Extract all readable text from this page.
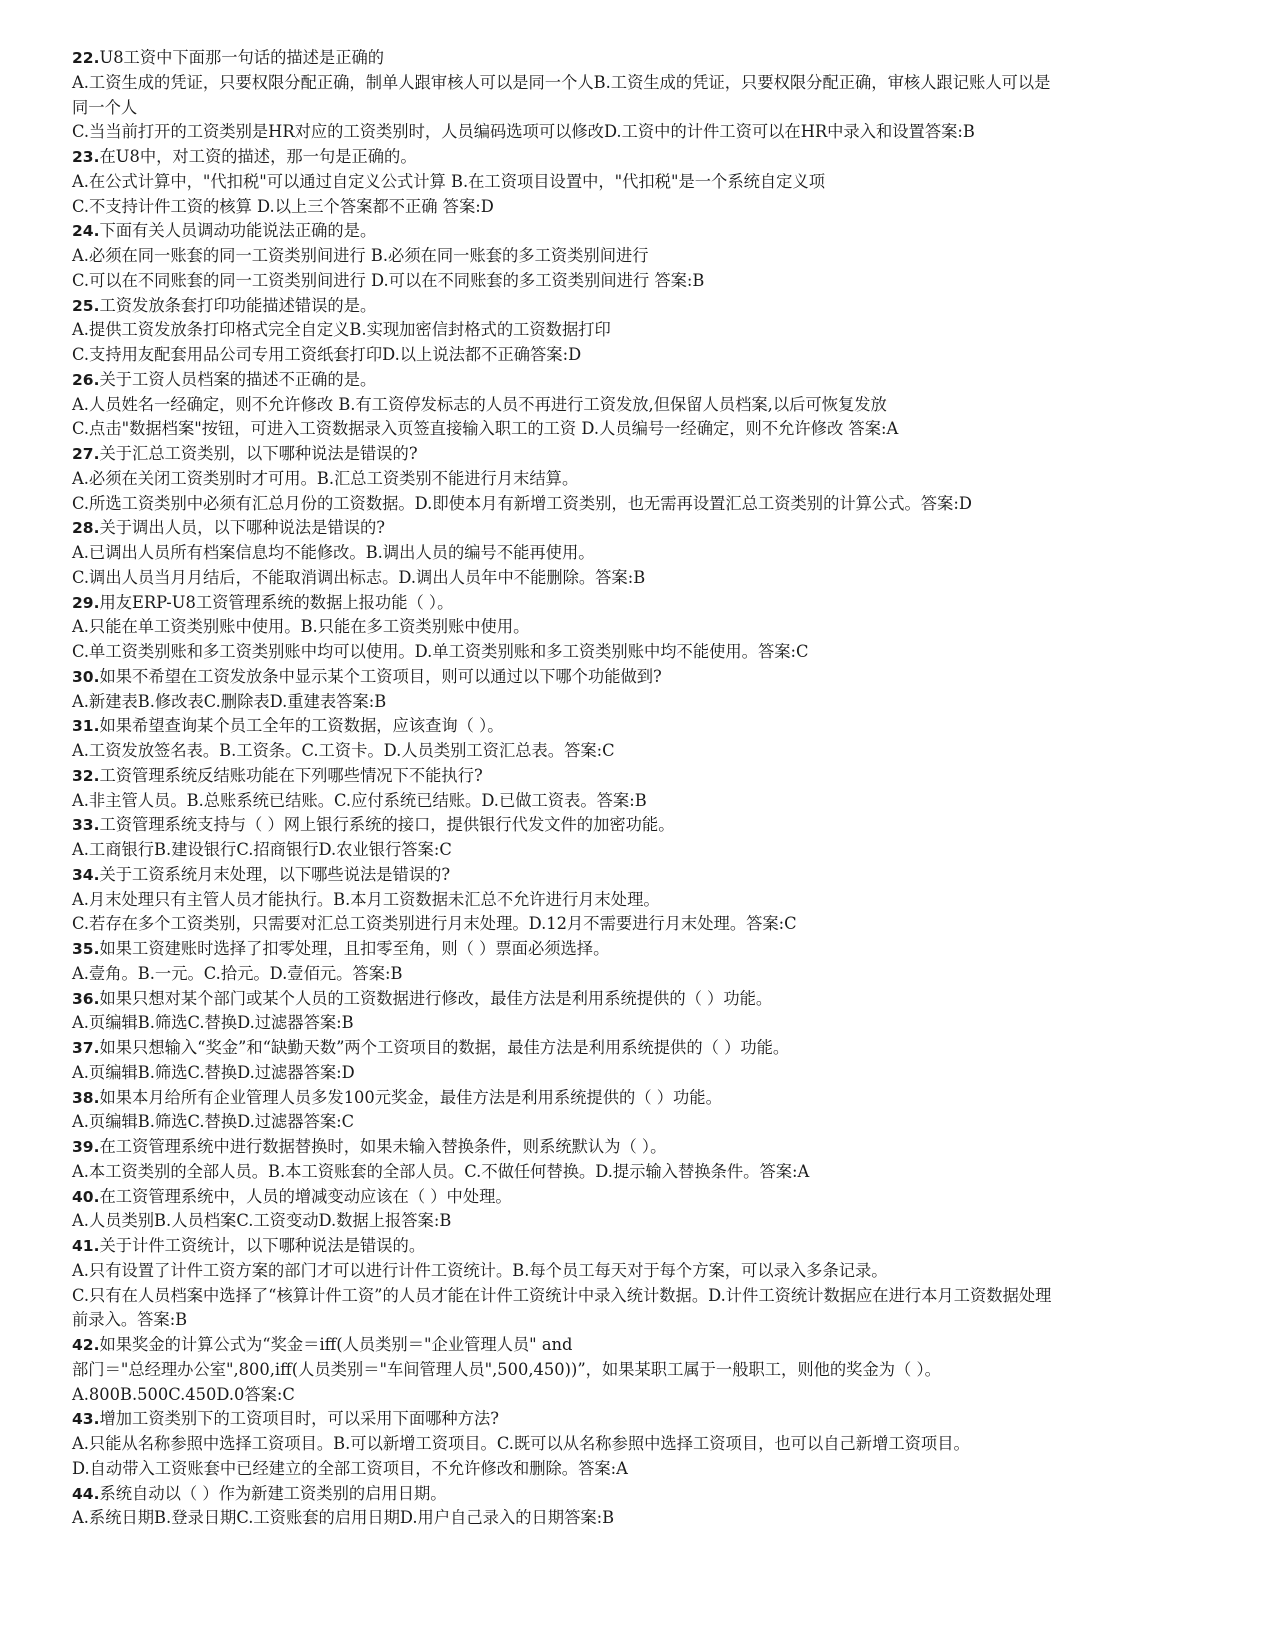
22.U8工资中下面那一句话的描述是正确的
A.工资生成的凭证，只要权限分配正确，制单人跟审核人可以是同一个人B.工资生成的凭证，只要权限分配正确，审核人跟记账人可以是
同一个人
C.当当前打开的工资类别是HR对应的工资类别时，人员编码选项可以修改D.工资中的计件工资可以在HR中录入和设置答案:B
23.在U8中，对工资的描述，那一句是正确的。
A.在公式计算中，"代扣税"可以通过自定义公式计算 B.在工资项目设置中，"代扣税"是一个系统自定义项
C.不支持计件工资的核算 D.以上三个答案都不正确 答案:D
24.下面有关人员调动功能说法正确的是。
A.必须在同一账套的同一工资类别间进行 B.必须在同一账套的多工资类别间进行
C.可以在不同账套的同一工资类别间进行 D.可以在不同账套的多工资类别间进行 答案:B
25.工资发放条套打印功能描述错误的是。
A.提供工资发放条打印格式完全自定义B.实现加密信封格式的工资数据打印
C.支持用友配套用品公司专用工资纸套打印D.以上说法都不正确答案:D
26.关于工资人员档案的描述不正确的是。
A.人员姓名一经确定，则不允许修改 B.有工资停发标志的人员不再进行工资发放,但保留人员档案,以后可恢复发放
C.点击"数据档案"按钮，可进入工资数据录入页签直接输入职工的工资 D.人员编号一经确定，则不允许修改 答案:A
27.关于汇总工资类别，以下哪种说法是错误的?
A.必须在关闭工资类别时才可用。B.汇总工资类别不能进行月末结算。
C.所选工资类别中必须有汇总月份的工资数据。D.即使本月有新增工资类别，也无需再设置汇总工资类别的计算公式。答案:D
28.关于调出人员，以下哪种说法是错误的?
A.已调出人员所有档案信息均不能修改。B.调出人员的编号不能再使用。
C.调出人员当月月结后，不能取消调出标志。D.调出人员年中不能删除。答案:B
29.用友ERP-U8工资管理系统的数据上报功能（ ）。
A.只能在单工资类别账中使用。B.只能在多工资类别账中使用。
C.单工资类别账和多工资类别账中均可以使用。D.单工资类别账和多工资类别账中均不能使用。答案:C
30.如果不希望在工资发放条中显示某个工资项目，则可以通过以下哪个功能做到?
A.新建表B.修改表C.删除表D.重建表答案:B
31.如果希望查询某个员工全年的工资数据，应该查询（ ）。
A.工资发放签名表。B.工资条。C.工资卡。D.人员类别工资汇总表。答案:C
32.工资管理系统反结账功能在下列哪些情况下不能执行?
A.非主管人员。B.总账系统已结账。C.应付系统已结账。D.已做工资表。答案:B
33.工资管理系统支持与（ ）网上银行系统的接口，提供银行代发文件的加密功能。
A.工商银行B.建设银行C.招商银行D.农业银行答案:C
34.关于工资系统月末处理，以下哪些说法是错误的?
A.月末处理只有主管人员才能执行。B.本月工资数据未汇总不允许进行月末处理。
C.若存在多个工资类别，只需要对汇总工资类别进行月末处理。D.12月不需要进行月末处理。答案:C
35.如果工资建账时选择了扣零处理，且扣零至角，则（ ）票面必须选择。
A.壹角。B.一元。C.拾元。D.壹佰元。答案:B
36.如果只想对某个部门或某个人员的工资数据进行修改，最佳方法是利用系统提供的（ ）功能。
A.页编辑B.筛选C.替换D.过滤器答案:B
37.如果只想输入“奖金”和“缺勤天数”两个工资项目的数据，最佳方法是利用系统提供的（ ）功能。
A.页编辑B.筛选C.替换D.过滤器答案:D
38.如果本月给所有企业管理人员多发100元奖金，最佳方法是利用系统提供的（ ）功能。
A.页编辑B.筛选C.替换D.过滤器答案:C
39.在工资管理系统中进行数据替换时，如果未输入替换条件，则系统默认为（ ）。
A.本工资类别的全部人员。B.本工资账套的全部人员。C.不做任何替换。D.提示输入替换条件。答案:A
40.在工资管理系统中，人员的增减变动应该在（ ）中处理。
A.人员类别B.人员档案C.工资变动D.数据上报答案:B
41.关于计件工资统计，以下哪种说法是错误的。
A.只有设置了计件工资方案的部门才可以进行计件工资统计。B.每个员工每天对于每个方案，可以录入多条记录。
C.只有在人员档案中选择了“核算计件工资”的人员才能在计件工资统计中录入统计数据。D.计件工资统计数据应在进行本月工资数据处理
前录入。答案:B
42.如果奖金的计算公式为“奖金＝iff(人员类别＝"企业管理人员" and
部门＝"总经理办公室",800,iff(人员类别＝"车间管理人员",500,450))”，如果某职工属于一般职工，则他的奖金为（ ）。
A.800B.500C.450D.0答案:C
43.增加工资类别下的工资项目时，可以采用下面哪种方法?
A.只能从名称参照中选择工资项目。B.可以新增工资项目。C.既可以从名称参照中选择工资项目，也可以自己新增工资项目。
D.自动带入工资账套中已经建立的全部工资项目，不允许修改和删除。答案:A
44.系统自动以（ ）作为新建工资类别的启用日期。
A.系统日期B.登录日期C.工资账套的启用日期D.用户自己录入的日期答案:B
